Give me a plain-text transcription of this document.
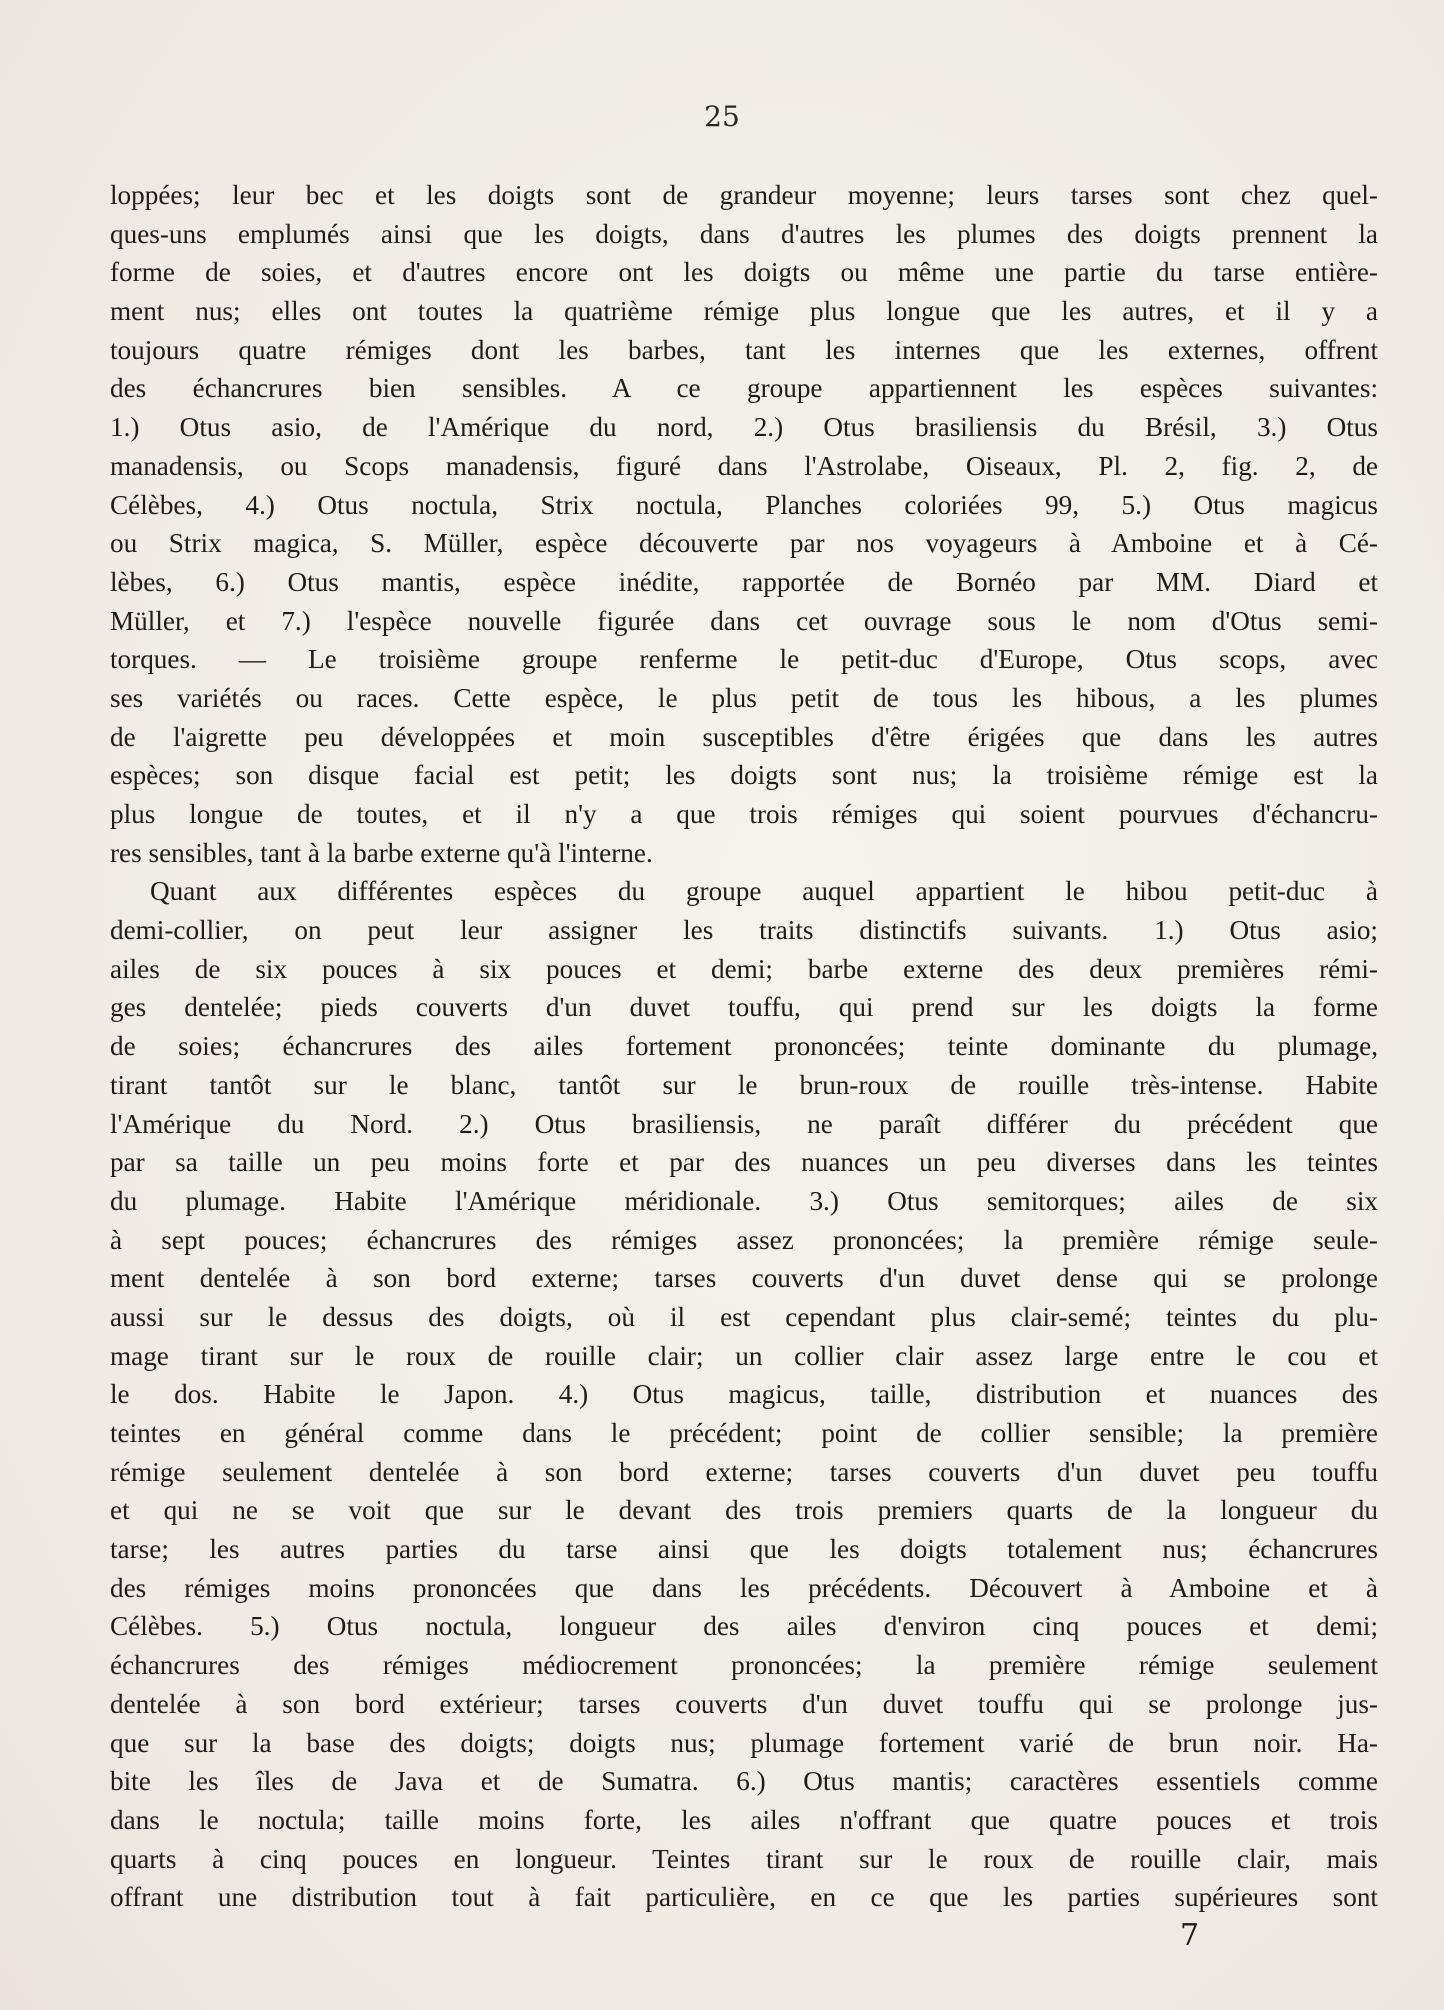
25
loppées; leur bec et les doigts sont de grandeur moyenne; leurs tarses sont chez quel-
ques-uns emplumés ainsi que les doigts, dans d'autres les plumes des doigts prennent la
forme de soies, et d'autres encore ont les doigts ou même une partie du tarse entière-
ment nus; elles ont toutes la quatrième rémige plus longue que les autres, et il y a
toujours quatre rémiges dont les barbes, tant les internes que les externes, offrent
des échancrures bien sensibles. A ce groupe appartiennent les espèces suivantes:
1.) Otus asio, de l'Amérique du nord, 2.) Otus brasiliensis du Brésil, 3.) Otus
manadensis, ou Scops manadensis, figuré dans l'Astrolabe, Oiseaux, Pl. 2, fig. 2, de
Célèbes, 4.) Otus noctula, Strix noctula, Planches coloriées 99, 5.) Otus magicus
ou Strix magica, S. Müller, espèce découverte par nos voyageurs à Amboine et à Cé-
lèbes, 6.) Otus mantis, espèce inédite, rapportée de Bornéo par MM. Diard et
Müller, et 7.) l'espèce nouvelle figurée dans cet ouvrage sous le nom d'Otus semi-
torques. — Le troisième groupe renferme le petit-duc d'Europe, Otus scops, avec
ses variétés ou races. Cette espèce, le plus petit de tous les hibous, a les plumes
de l'aigrette peu développées et moin susceptibles d'être érigées que dans les autres
espèces; son disque facial est petit; les doigts sont nus; la troisième rémige est la
plus longue de toutes, et il n'y a que trois rémiges qui soient pourvues d'échancru-
res sensibles, tant à la barbe externe qu'à l'interne.
Quant aux différentes espèces du groupe auquel appartient le hibou petit-duc à
demi-collier, on peut leur assigner les traits distinctifs suivants. 1.) Otus asio;
ailes de six pouces à six pouces et demi; barbe externe des deux premières rémi-
ges dentelée; pieds couverts d'un duvet touffu, qui prend sur les doigts la forme
de soies; échancrures des ailes fortement prononcées; teinte dominante du plumage,
tirant tantôt sur le blanc, tantôt sur le brun-roux de rouille très-intense. Habite
l'Amérique du Nord. 2.) Otus brasiliensis, ne paraît différer du précédent que
par sa taille un peu moins forte et par des nuances un peu diverses dans les teintes
du plumage. Habite l'Amérique méridionale. 3.) Otus semitorques; ailes de six
à sept pouces; échancrures des rémiges assez prononcées; la première rémige seule-
ment dentelée à son bord externe; tarses couverts d'un duvet dense qui se prolonge
aussi sur le dessus des doigts, où il est cependant plus clair-semé; teintes du plu-
mage tirant sur le roux de rouille clair; un collier clair assez large entre le cou et
le dos. Habite le Japon. 4.) Otus magicus, taille, distribution et nuances des
teintes en général comme dans le précédent; point de collier sensible; la première
rémige seulement dentelée à son bord externe; tarses couverts d'un duvet peu touffu
et qui ne se voit que sur le devant des trois premiers quarts de la longueur du
tarse; les autres parties du tarse ainsi que les doigts totalement nus; échancrures
des rémiges moins prononcées que dans les précédents. Découvert à Amboine et à
Célèbes. 5.) Otus noctula, longueur des ailes d'environ cinq pouces et demi;
échancrures des rémiges médiocrement prononcées; la première rémige seulement
dentelée à son bord extérieur; tarses couverts d'un duvet touffu qui se prolonge jus-
que sur la base des doigts; doigts nus; plumage fortement varié de brun noir. Ha-
bite les îles de Java et de Sumatra. 6.) Otus mantis; caractères essentiels comme
dans le noctula; taille moins forte, les ailes n'offrant que quatre pouces et trois
quarts à cinq pouces en longueur. Teintes tirant sur le roux de rouille clair, mais
offrant une distribution tout à fait particulière, en ce que les parties supérieures sont
7
